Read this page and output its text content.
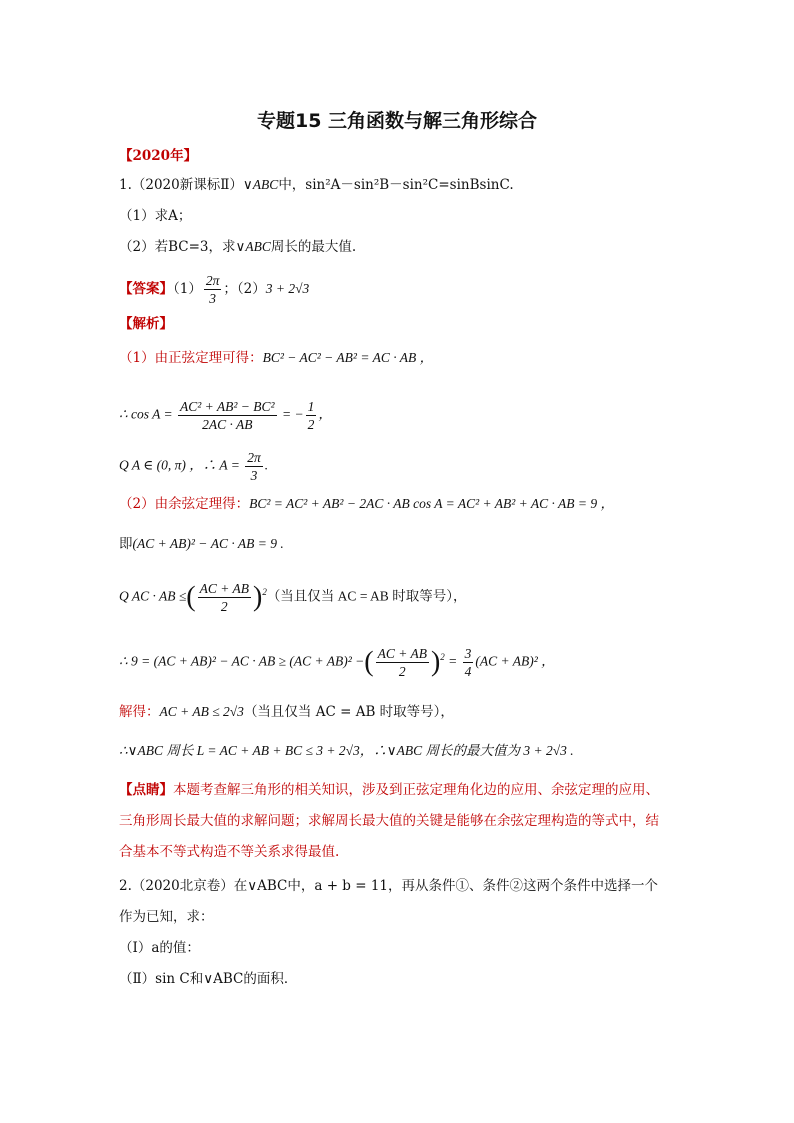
专题15 三角函数与解三角形综合
【2020年】
1.（2020新课标Ⅱ）∨ABC中，sin²A－sin²B－sin²C=sinBsinC.
（1）求A；
（2）若BC=3，求∨ABC周长的最大值.
【答案】$(1) \frac{2\pi}{3}$ ；（2）3 + 2√3
【解析】
（1）由正弦定理可得：BC² − AC² − AB² = AC · AB ，
∴ $\cos A = \frac{\text{AC² + AB² − BC²}}{2AC \cdot AB}$ = − $\frac{1}{2}$ ，
Q A ∈ (0, π) ，∴ $A = \frac{2\pi}{3}$ .
（2）由余弦定理得：BC² = AC² + AB² − 2AC · AB cos A = AC² + AB² + AC · AB = 9 ，
即(AC + AB)² − AC · AB = 9 .
Q AC · AB ≤( $\frac{AC + AB}{2} )^2$（当且仅当 AC = AB 时取等号），
∴ 9 = (AC + AB)² − AC · AB ≥ (AC + AB)² −( $\frac{AC + AB}{2} )^2 = \frac{3}{4} (AC + AB)^2$ ，
解得：AC + AB ≤ 2√3（当且仅当 AC = AB 时取等号），
∴∨ABC 周长 L = AC + AB + BC ≤ 3 + 2√3，∴∨ABC 周长的最大值为 3 + 2√3 .
【点睛】本题考查解三角形的相关知识，涉及到正弦定理角化边的应用、余弦定理的应用、
三角形周长最大值的求解问题；求解周长最大值的关键是能够在余弦定理构造的等式中，结
合基本不等式构造不等关系求得最值.
2.（2020北京卷）在∨ABC中，a + b = 11，再从条件①、条件②这两个条件中选择一个
作为已知，求：
（Ⅰ）a的值：
（Ⅱ）sin C和∨ABC的面积．
